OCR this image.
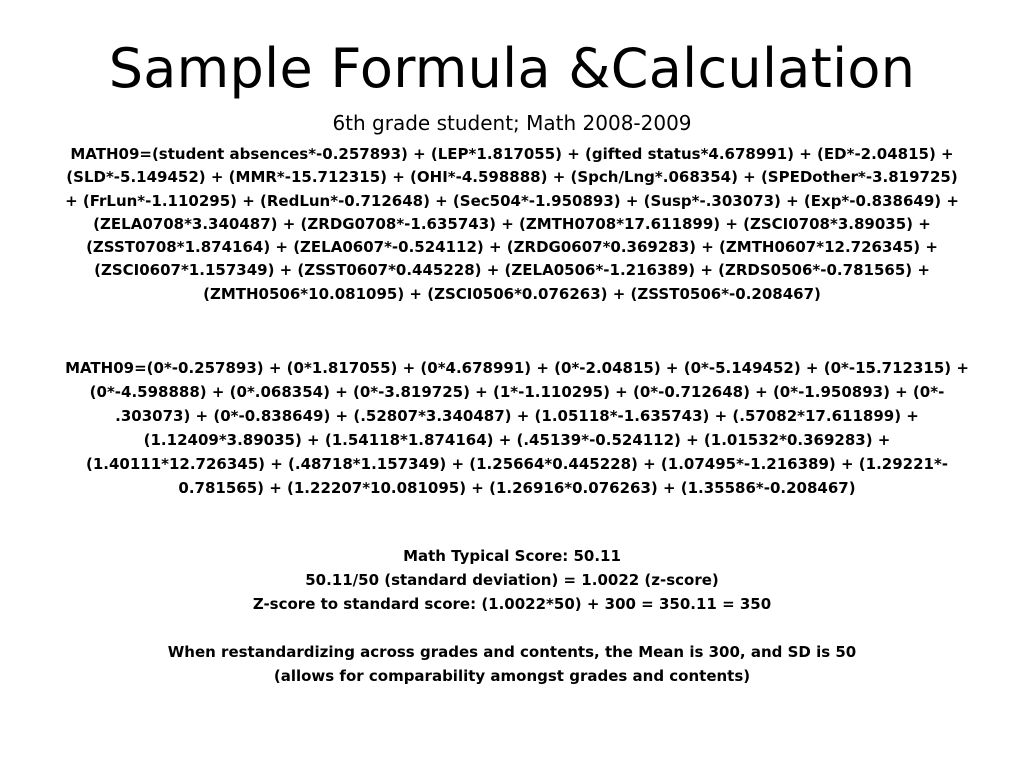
Sample Formula &Calculation

6th grade student; Math 2008-2009

MATH09=(student absences*-0.257893) + (LEP*1.817055) + (gifted status*4.678991) + (ED*-2.04815) +
(SLD*-5.149452) + (MMR*-15.712315) + (OHI*-4.598888) + (Spch/Lng*.068354) + (SPEDother*-3.819725)
+ (FrLun*-1.110295) + (RedLun*-0.712648) + (Sec504*-1.950893) + (Susp*-.303073) + (Exp*-0.838649) +
(ZELA0708*3.340487) + (ZRDG0708*-1.635743) + (ZMTH0708*17.611899) + (ZSCI0708*3.89035) +
(ZSST0708*1.874164) + (ZELA0607*-0.524112) + (ZRDG0607*0.369283) + (ZMTH0607*12.726345) +
(ZSCI0607*1.157349) + (ZSST0607*0.445228) + (ZELA0506*-1.216389) + (ZRDS0506*-0.781565) +
(ZMTH0506*10.081095) + (ZSCI0506*0.076263) + (ZSST0506*-0.208467)

MATH09=(0*-0.257893) + (0*1.817055) + (0*4.678991) + (0*-2.04815) + (0*-5.149452) + (0*-15.712315) +
(0*-4.598888) + (0*.068354) + (0*-3.819725) + (1*-1.110295) + (0*-0.712648) + (0*-1.950893) + (0*-
.303073) + (0*-0.838649) + (.52807*3.340487) + (1.05118*-1.635743) + (.57082*17.611899) +
(1.12409*3.89035) + (1.54118*1.874164) + (.45139*-0.524112) + (1.01532*0.369283) +
(1.40111*12.726345) + (.48718*1.157349) + (1.25664*0.445228) + (1.07495*-1.216389) + (1.29221*-
0.781565) + (1.22207*10.081095) + (1.26916*0.076263) + (1.35586*-0.208467)

Math Typical Score: 50.11
50.11/50 (standard deviation) = 1.0022 (z-score)
Z-score to standard score: (1.0022*50) + 300 = 350.11 = 350
When restandardizing across grades and contents, the Mean is 300, and SD is 50
(allows for comparability amongst grades and contents)
